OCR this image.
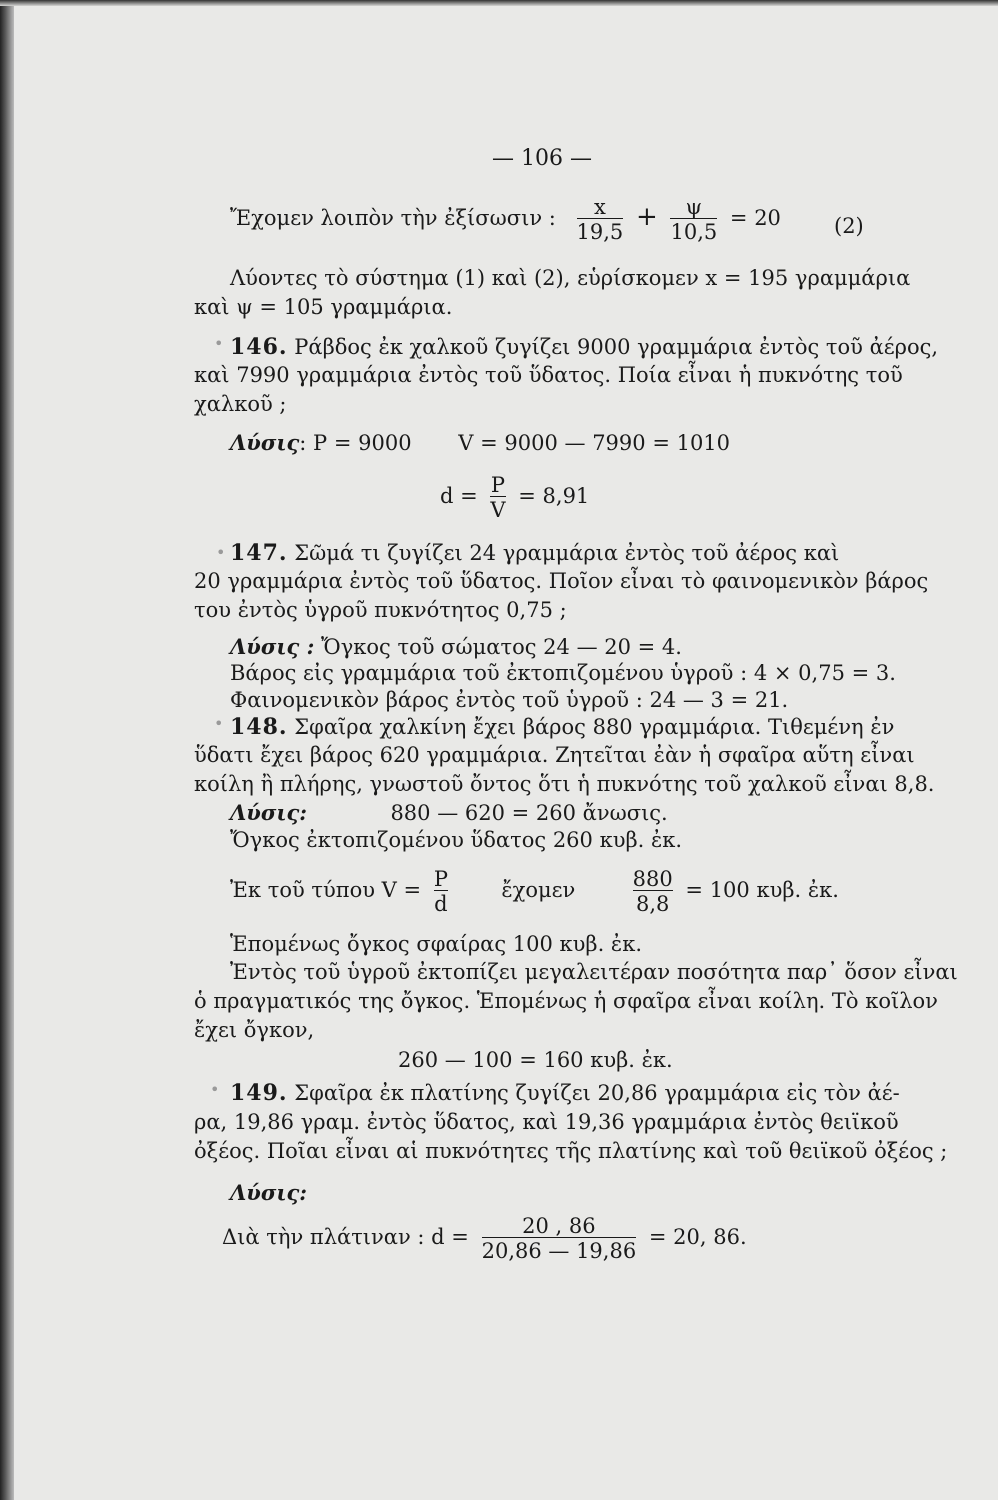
— 106 —
Ἔχομεν λοιπὸν τὴν ἐξίσωσιν : $\frac{x}{19,5} + \frac{\psi}{10,5} = 20$	(2)
Λύοντες τὸ σύστημα (1) καὶ (2), εὑρίσκομεν x = 195 γραμμάρια
καὶ ψ = 105 γραμμάρια.
• 146. Ράβδος ἐκ χαλκοῦ ζυγίζει 9000 γραμμάρια ἐντὸς τοῦ ἀέρος,
καὶ 7990 γραμμάρια ἐντὸς τοῦ ὕδατος. Ποία εἶναι ἡ πυκνότης τοῦ
χαλκοῦ ;
Λύσις: P = 9000       V = 9000 — 7990 = 1010
$d = \frac{P}{V} = 8,91$
• 147. Σῶμά τι ζυγίζει 24 γραμμάρια ἐντὸς τοῦ ἀέρος καὶ
20 γραμμάρια ἐντὸς τοῦ ὕδατος. Ποῖον εἶναι τὸ φαινομενικὸν βάρος
του ἐντὸς ὑγροῦ πυκνότητος 0,75 ;
Λύσις : Ὄγκος τοῦ σώματος 24 — 20 = 4.
Βάρος εἰς γραμμάρια τοῦ ἐκτοπιζομένου ὑγροῦ : 4 × 0,75 = 3.
Φαινομενικὸν βάρος ἐντὸς τοῦ ὑγροῦ : 24 — 3 = 21.
• 148. Σφαῖρα χαλκίνη ἔχει βάρος 880 γραμμάρια. Τιθεμένη ἐν
ὕδατι ἔχει βάρος 620 γραμμάρια. Ζητεῖται ἐὰν ἡ σφαῖρα αὕτη εἶναι
κοίλη ἢ πλήρης, γνωστοῦ ὄντος ὅτι ἡ πυκνότης τοῦ χαλκοῦ εἶναι 8,8.
Λύσις:	880 — 620 = 260 ἄνωσις.
Ὄγκος ἐκτοπιζομένου ὕδατος 260 κυβ. ἐκ.
Ἐκ τοῦ τύπου $V = \frac{P}{d}$	ἔχομεν	$\frac{880}{8,8} = 100$ κυβ. ἐκ.
Ἑπομένως ὄγκος σφαίρας 100 κυβ. ἐκ.
Ἐντὸς τοῦ ὑγροῦ ἐκτοπίζει μεγαλειτέραν ποσότητα παρ᾽ ὅσον εἶναι
ὁ πραγματικός της ὄγκος. Ἑπομένως ἡ σφαῖρα εἶναι κοίλη. Τὸ κοῖλον
ἔχει ὄγκον,
260 — 100 = 160 κυβ. ἐκ.
• 149. Σφαῖρα ἐκ πλατίνης ζυγίζει 20,86 γραμμάρια εἰς τὸν ἀέ-
ρα, 19,86 γραμ. ἐντὸς ὕδατος, καὶ 19,36 γραμμάρια ἐντὸς θειϊκοῦ
ὀξέος. Ποῖαι εἶναι αἱ πυκνότητες τῆς πλατίνης καὶ τοῦ θειϊκοῦ ὀξέος ;
Λύσις:
Διὰ τὴν πλάτιναν : $d = \frac{20 , 86}{20,86 — 19,86} = 20$, 86.
